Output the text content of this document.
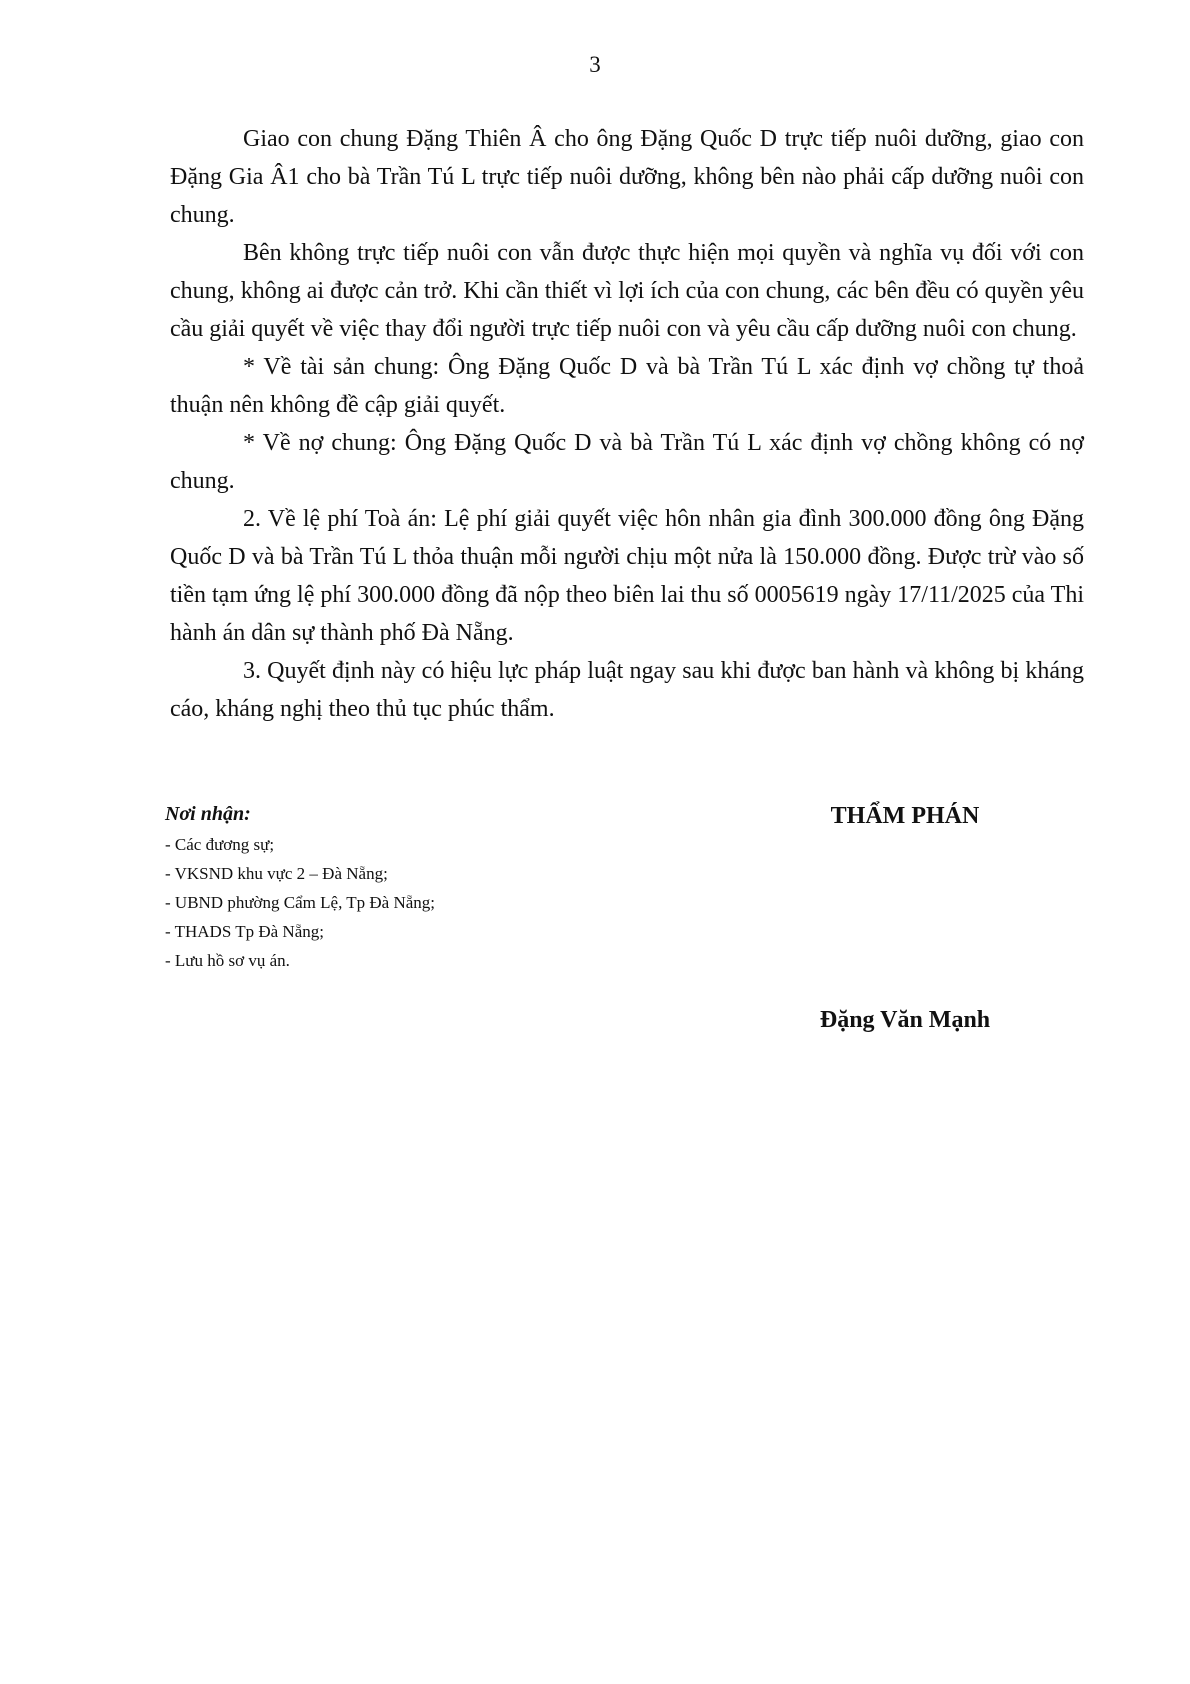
3

Giao con chung Đặng Thiên Â cho ông Đặng Quốc D trực tiếp nuôi dưỡng, giao con Đặng Gia Â1 cho bà Trần Tú L trực tiếp nuôi dưỡng, không bên nào phải cấp dưỡng nuôi con chung.

Bên không trực tiếp nuôi con vẫn được thực hiện mọi quyền và nghĩa vụ đối với con chung, không ai được cản trở. Khi cần thiết vì lợi ích của con chung, các bên đều có quyền yêu cầu giải quyết về việc thay đổi người trực tiếp nuôi con và yêu cầu cấp dưỡng nuôi con chung.

* Về tài sản chung: Ông Đặng Quốc D và bà Trần Tú L xác định vợ chồng tự thoả thuận nên không đề cập giải quyết.

* Về nợ chung: Ông Đặng Quốc D và bà Trần Tú L xác định vợ chồng không có nợ chung.

2. Về lệ phí Toà án: Lệ phí giải quyết việc hôn nhân gia đình 300.000 đồng ông Đặng Quốc D và bà Trần Tú L thỏa thuận mỗi người chịu một nửa là 150.000 đồng. Được trừ vào số tiền tạm ứng lệ phí 300.000 đồng đã nộp theo biên lai thu số 0005619 ngày 17/11/2025 của Thi hành án dân sự thành phố Đà Nẵng.

3. Quyết định này có hiệu lực pháp luật ngay sau khi được ban hành và không bị kháng cáo, kháng nghị theo thủ tục phúc thẩm.

Nơi nhận:
- Các đương sự;
- VKSND khu vực 2 – Đà Nẵng;
- UBND phường Cẩm Lệ, Tp Đà Nẵng;
- THADS Tp Đà Nẵng;
- Lưu hồ sơ vụ án.
THẨM PHÁN
Đặng Văn Mạnh
